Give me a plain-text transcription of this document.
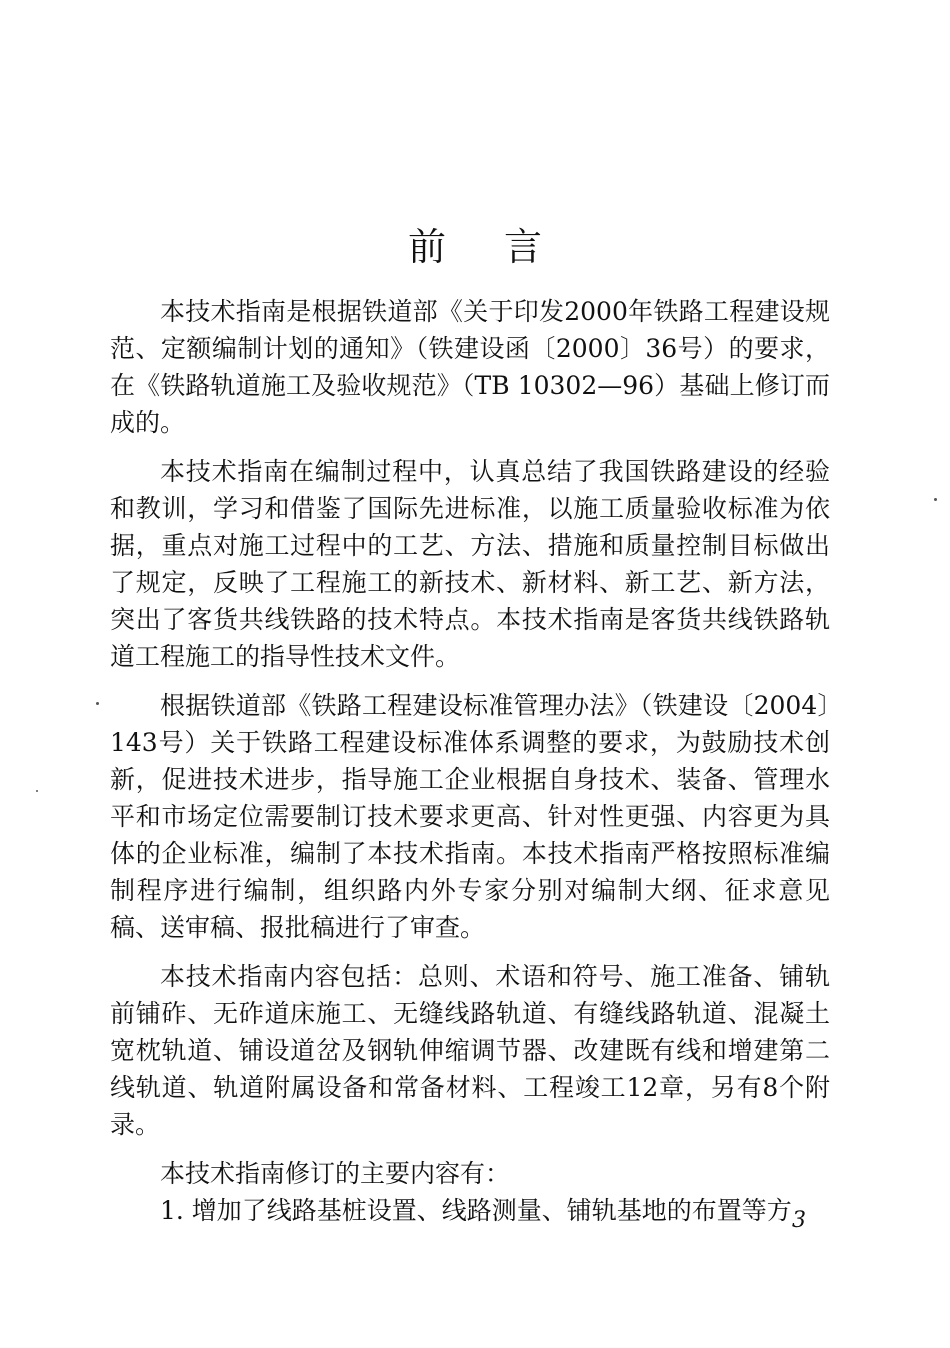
前言

本技术指南是根据铁道部《关于印发2000年铁路工程建设规范、定额编制计划的通知》（铁建设函〔2000〕36号）的要求，在《铁路轨道施工及验收规范》（TB 10302—96）基础上修订而成的。

本技术指南在编制过程中，认真总结了我国铁路建设的经验和教训，学习和借鉴了国际先进标准，以施工质量验收标准为依据，重点对施工过程中的工艺、方法、措施和质量控制目标做出了规定，反映了工程施工的新技术、新材料、新工艺、新方法，突出了客货共线铁路的技术特点。本技术指南是客货共线铁路轨道工程施工的指导性技术文件。

根据铁道部《铁路工程建设标准管理办法》（铁建设〔2004〕143号）关于铁路工程建设标准体系调整的要求，为鼓励技术创新，促进技术进步，指导施工企业根据自身技术、装备、管理水平和市场定位需要制订技术要求更高、针对性更强、内容更为具体的企业标准，编制了本技术指南。本技术指南严格按照标准编制程序进行编制，组织路内外专家分别对编制大纲、征求意见稿、送审稿、报批稿进行了审查。

本技术指南内容包括：总则、术语和符号、施工准备、铺轨前铺砟、无砟道床施工、无缝线路轨道、有缝线路轨道、混凝土宽枕轨道、铺设道岔及钢轨伸缩调节器、改建既有线和增建第二线轨道、轨道附属设备和常备材料、工程竣工12章，另有8个附录。

本技术指南修订的主要内容有：

1. 增加了线路基桩设置、线路测量、铺轨基地的布置等方 3
